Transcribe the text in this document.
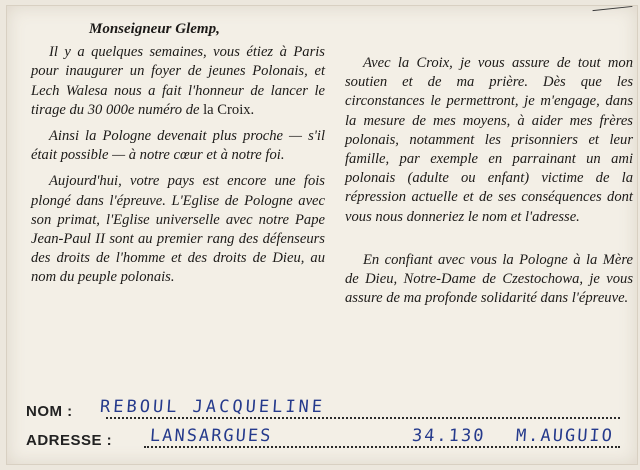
Monseigneur Glemp,

Il y a quelques semaines, vous étiez à Paris pour inaugurer un foyer de jeunes Polonais, et Lech Walesa nous a fait l'honneur de lancer le tirage du 30 000e numéro de la Croix.

Ainsi la Pologne devenait plus proche — s'il était possible — à notre cœur et à notre foi.

Aujourd'hui, votre pays est encore une fois plongé dans l'épreuve. L'Eglise de Pologne avec son primat, l'Eglise universelle avec notre Pape Jean-Paul II sont au premier rang des défenseurs des droits de l'homme et des droits de Dieu, au nom du peuple polonais.

Avec la Croix, je vous assure de tout mon soutien et de ma prière. Dès que les circonstances le permettront, je m'engage, dans la mesure de mes moyens, à aider mes frères polonais, notamment les prisonniers et leur famille, par exemple en parrainant un ami polonais (adulte ou enfant) victime de la répression actuelle et de ses conséquences dont vous nous donneriez le nom et l'adresse.

En confiant avec vous la Pologne à la Mère de Dieu, Notre-Dame de Czestochowa, je vous assure de ma profonde solidarité dans l'épreuve.

NOM : REBOUL JACQUELINE
ADRESSE : LANSARGUES	34.130 M.AUGUIO
